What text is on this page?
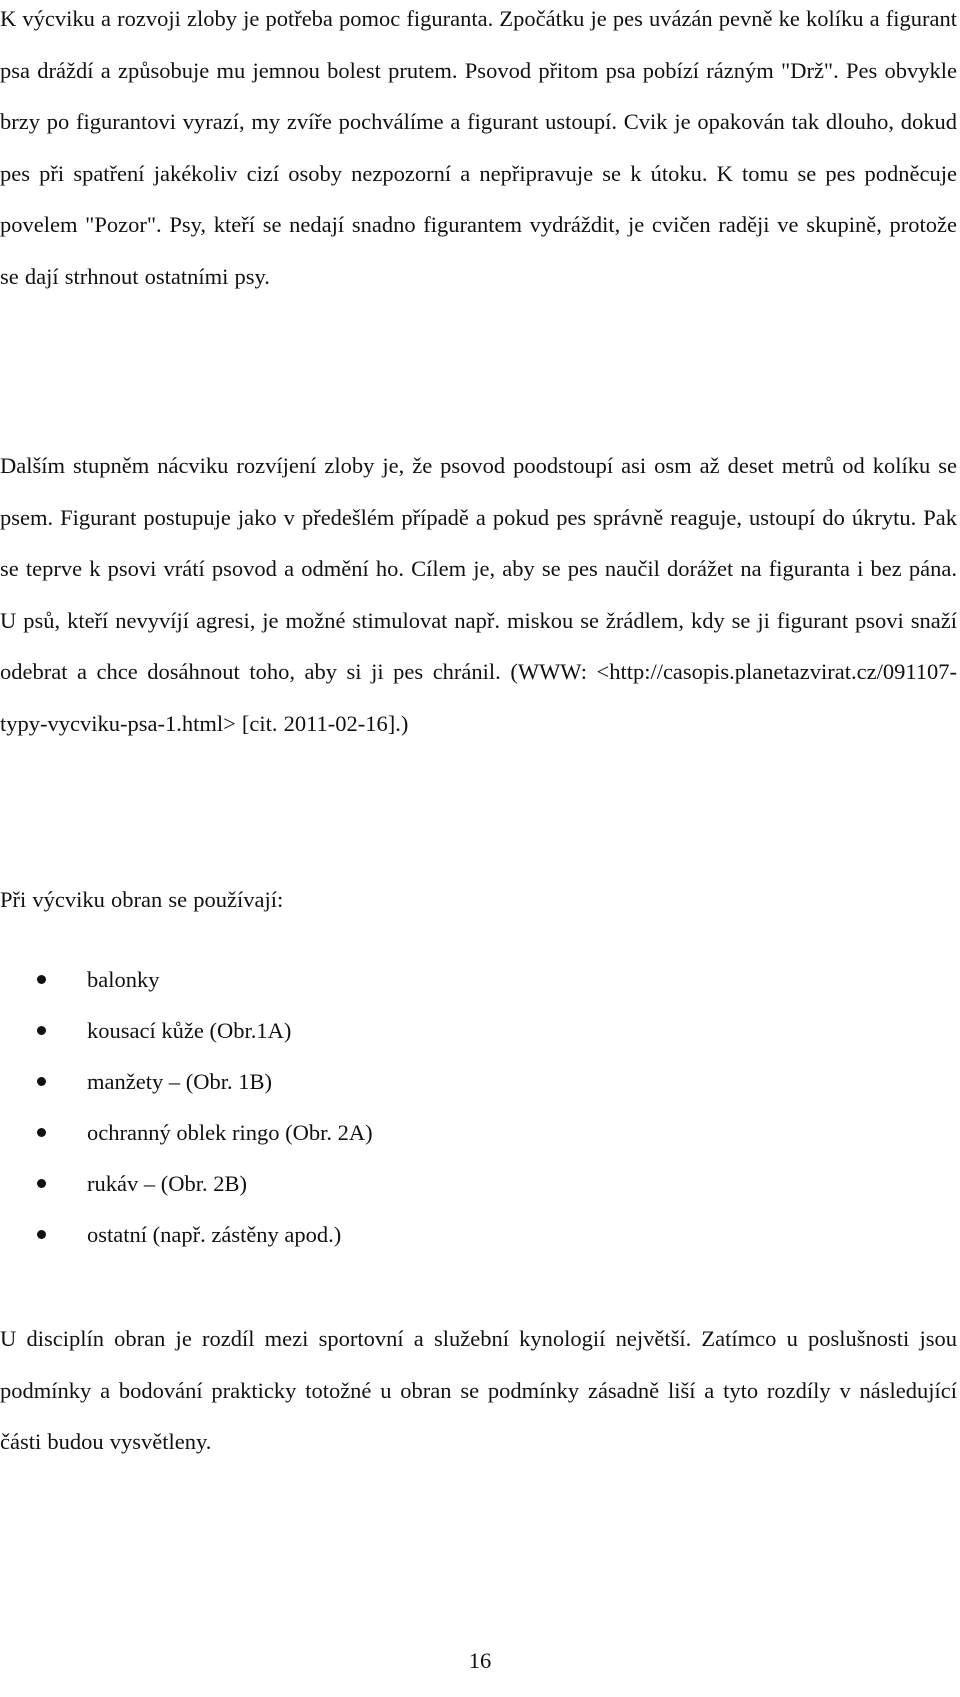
K výcviku a rozvoji zloby je potřeba pomoc figuranta. Zpočátku je pes uvázán pevně ke kolíku a figurant psa dráždí a způsobuje mu jemnou bolest prutem. Psovod přitom psa pobízí rázným "Drž". Pes obvykle brzy po figurantovi vyrazí, my zvíře pochválíme a figurant ustoupí. Cvik je opakován tak dlouho, dokud pes při spatření jakékoliv cizí osoby nezpozorní a nepřipravuje se k útoku. K tomu se pes podněcuje povelem "Pozor". Psy, kteří se nedají snadno figurantem vydráždit, je cvičen raději ve skupině, protože se dají strhnout ostatními psy.

Dalším stupněm nácviku rozvíjení zloby je, že psovod poodstoupí asi osm až deset metrů od kolíku se psem. Figurant postupuje jako v předešlém případě a pokud pes správně reaguje, ustoupí do úkrytu. Pak se teprve k psovi vrátí psovod a odmění ho. Cílem je, aby se pes naučil dorážet na figuranta i bez pána. U psů, kteří nevyvíjí agresi, je možné stimulovat např. miskou se žrádlem, kdy se ji figurant psovi snaží odebrat a chce dosáhnout toho, aby si ji pes chránil. (WWW: <http://casopis.planetazvirat.cz/091107-typy-vycviku-psa-1.html> [cit. 2011-02-16].)

Při výcviku obran se používají:

balonky
kousací kůže (Obr.1A)
manžety – (Obr. 1B)
ochranný oblek ringo (Obr. 2A)
rukáv – (Obr. 2B)
ostatní (např. zástěny apod.)

U disciplín obran je rozdíl mezi sportovní a služební kynologií největší. Zatímco u poslušnosti jsou podmínky a bodování prakticky totožné u obran se podmínky zásadně liší a tyto rozdíly v následující části budou vysvětleny.

16
